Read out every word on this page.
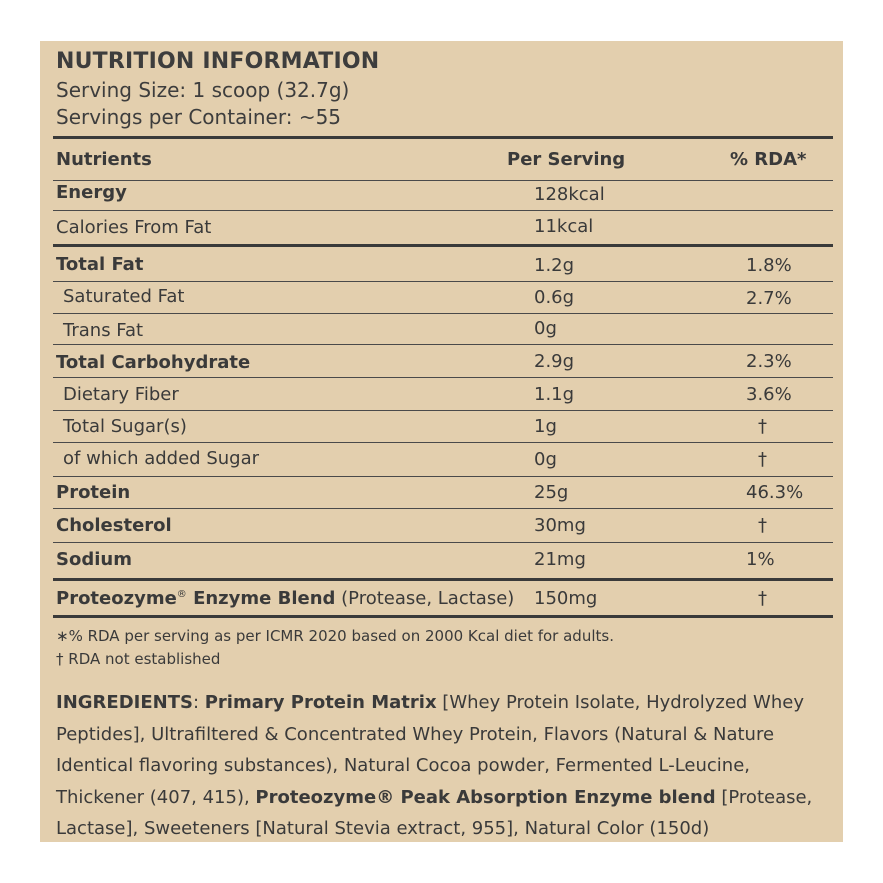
NUTRITION INFORMATION
Serving Size: 1 scoop (32.7g)
Servings per Container: ~55
Nutrients	Per Serving	% RDA*
Energy	128kcal
Calories From Fat	11kcal
Total Fat	1.2g	1.8%
Saturated Fat	0.6g	2.7%
Trans Fat	0g
Total Carbohydrate	2.9g	2.3%
Dietary Fiber	1.1g	3.6%
Total Sugar(s)	1g	†
of which added Sugar	0g	†
Protein	25g	46.3%
Cholesterol	30mg	†
Sodium	21mg	1%
Proteozyme® Enzyme Blend (Protease, Lactase) 150mg	†
∗% RDA per serving as per ICMR 2020 based on 2000 Kcal diet for adults.
† RDA not established
INGREDIENTS: Primary Protein Matrix [Whey Protein Isolate, Hydrolyzed Whey Peptides], Ultrafiltered & Concentrated Whey Protein, Flavors (Natural & Nature Identical flavoring substances), Natural Cocoa powder, Fermented L-Leucine, Thickener (407, 415), Proteozyme® Peak Absorption Enzyme blend [Protease, Lactase], Sweeteners [Natural Stevia extract, 955], Natural Color (150d)
